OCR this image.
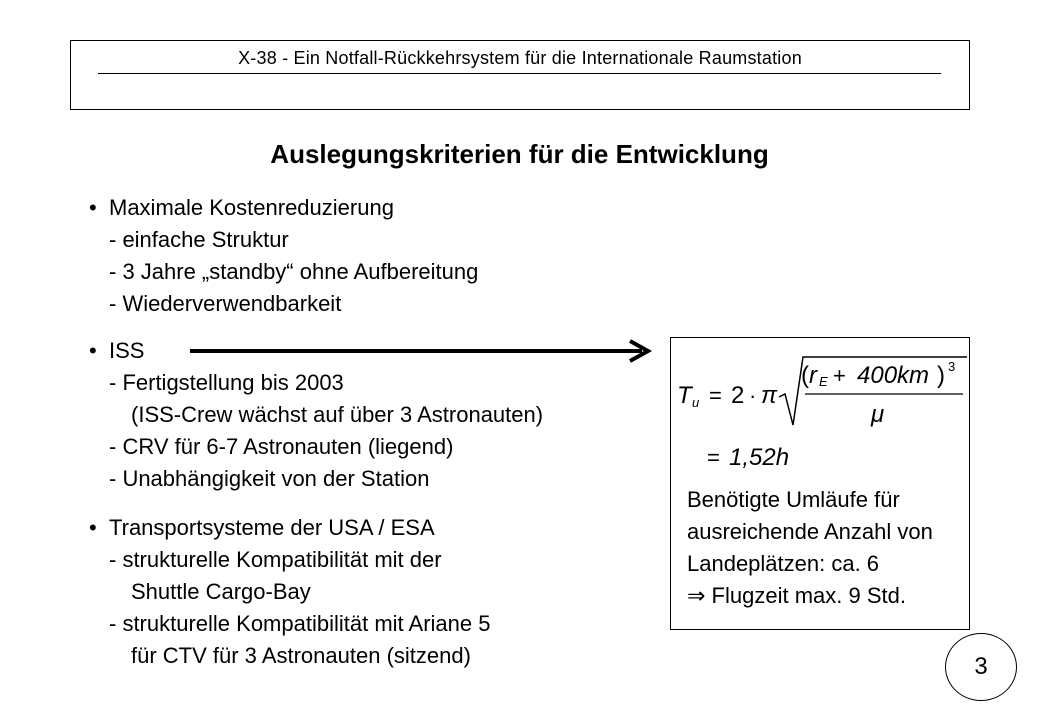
X-38 - Ein Notfall-Rückkehrsystem für die Internationale Raumstation
Auslegungskriterien für die Entwicklung
• Maximale Kostenreduzierung
- einfache Struktur
- 3 Jahre „standby“ ohne Aufbereitung
- Wiederverwendbarkeit
• ISS
- Fertigstellung bis 2003
(ISS-Crew wächst auf über 3 Astronauten)
- CRV für 6-7 Astronauten (liegend)
- Unabhängigkeit von der Station
• Transportsysteme der USA / ESA
- strukturelle Kompatibilität mit der
Shuttle Cargo-Bay
- strukturelle Kompatibilität mit Ariane 5
für CTV für 3 Astronauten (sitzend)
T u = 2 · π
( r E + 400km ) 3
μ
= 1,52h
Benötigte Umläufe für
ausreichende Anzahl von
Landeplätzen: ca. 6
⇒ Flugzeit max. 9 Std.
3
